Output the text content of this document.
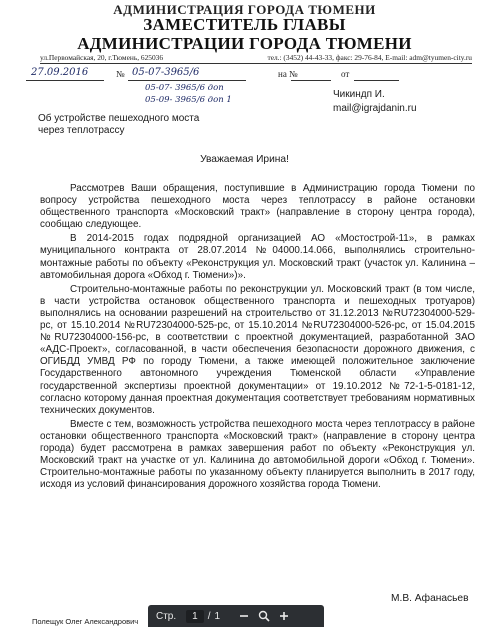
АДМИНИСТРАЦИЯ ГОРОДА ТЮМЕНИ
ЗАМЕСТИТЕЛЬ ГЛАВЫ
АДМИНИСТРАЦИИ ГОРОДА ТЮМЕНИ
ул.Первомайская, 20, г.Тюмень, 625036	тел.: (3452) 44-43-33, факс: 29-76-84, E-mail: adm@tyumen-city.ru
27.09.2016	№ 05-07-3965/6	на №	от
05-07- 3965/6 доп
05-09- 3965/6 доп 1	Чикиндп И.
mail@igrajdanin.ru
Об устройстве пешеходного моста через теплотрассу
Уважаемая Ирина!

Рассмотрев Ваши обращения, поступившие в Администрацию города Тюмени по вопросу устройства пешеходного моста через теплотрассу в районе остановки общественного транспорта «Московский тракт» (направление в сторону центра города), сообщаю следующее.

В 2014-2015 годах подрядной организацией АО «Мостострой-11», в рамках муниципального контракта от 28.07.2014 №04000.14.066, выполнялись строительно-монтажные работы по объекту «Реконструкция ул. Московский тракт (участок ул. Калинина – автомобильная дорога «Обход г. Тюмени»)».

Строительно-монтажные работы по реконструкции ул. Московский тракт (в том числе, в части устройства остановок общественного транспорта и пешеходных тротуаров) выполнялись на основании разрешений на строительство от 31.12.2013 №RU72304000-529-рс, от 15.10.2014 №RU72304000-525-рс, от 15.10.2014 №RU72304000-526-рс, от 15.04.2015 №RU72304000-156-рс, в соответствии с проектной документацией, разработанной ЗАО «АДС-Проект», согласованной, в части обеспечения безопасности дорожного движения, с ОГИБДД УМВД РФ по городу Тюмени, а также имеющей положительное заключение Государственного автономного учреждения Тюменской области «Управление государственной экспертизы проектной документации» от 19.10.2012 №72-1-5-0181-12, согласно которому данная проектная документация соответствует требованиям нормативных технических документов.

Вместе с тем, возможность устройства пешеходного моста через теплотрассу в районе остановки общественного транспорта «Московский тракт» (направление в сторону центра города) будет рассмотрена в рамках завершения работ по объекту «Реконструкция ул. Московский тракт на участке от ул. Калинина до автомобильной дороги «Обход г. Тюмени». Строительно-монтажные работы по указанному объекту планируется выполнить в 2017 году, исходя из условий финансирования дорожного хозяйства города Тюмени.

М.В. Афанасьев
Полещук Олег Александрович Стр.	1	/ 1
